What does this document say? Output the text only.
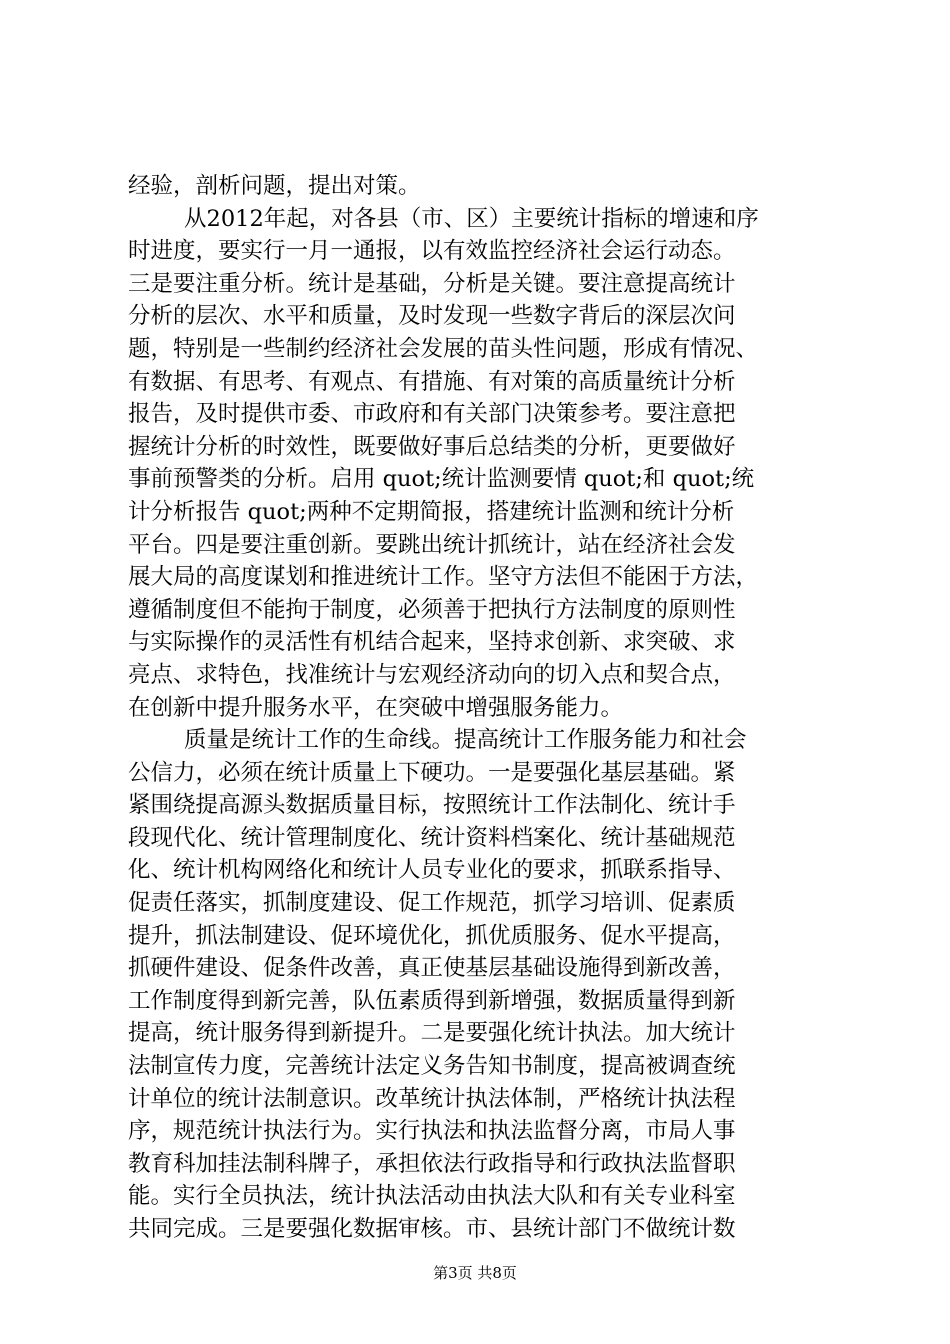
经验，剖析问题，提出对策。
从2012年起，对各县（市、区）主要统计指标的增速和序
时进度，要实行一月一通报，以有效监控经济社会运行动态。
三是要注重分析。统计是基础，分析是关键。要注意提高统计
分析的层次、水平和质量，及时发现一些数字背后的深层次问
题，特别是一些制约经济社会发展的苗头性问题，形成有情况、
有数据、有思考、有观点、有措施、有对策的高质量统计分析
报告，及时提供市委、市政府和有关部门决策参考。要注意把
握统计分析的时效性，既要做好事后总结类的分析，更要做好
事前预警类的分析。启用 quot;统计监测要情 quot;和 quot;统
计分析报告 quot;两种不定期简报，搭建统计监测和统计分析
平台。四是要注重创新。要跳出统计抓统计，站在经济社会发
展大局的高度谋划和推进统计工作。坚守方法但不能困于方法，
遵循制度但不能拘于制度，必须善于把执行方法制度的原则性
与实际操作的灵活性有机结合起来，坚持求创新、求突破、求
亮点、求特色，找准统计与宏观经济动向的切入点和契合点，
在创新中提升服务水平，在突破中增强服务能力。
质量是统计工作的生命线。提高统计工作服务能力和社会
公信力，必须在统计质量上下硬功。一是要强化基层基础。紧
紧围绕提高源头数据质量目标，按照统计工作法制化、统计手
段现代化、统计管理制度化、统计资料档案化、统计基础规范
化、统计机构网络化和统计人员专业化的要求，抓联系指导、
促责任落实，抓制度建设、促工作规范，抓学习培训、促素质
提升，抓法制建设、促环境优化，抓优质服务、促水平提高，
抓硬件建设、促条件改善，真正使基层基础设施得到新改善，
工作制度得到新完善，队伍素质得到新增强，数据质量得到新
提高，统计服务得到新提升。二是要强化统计执法。加大统计
法制宣传力度，完善统计法定义务告知书制度，提高被调查统
计单位的统计法制意识。改革统计执法体制，严格统计执法程
序，规范统计执法行为。实行执法和执法监督分离，市局人事
教育科加挂法制科牌子，承担依法行政指导和行政执法监督职
能。实行全员执法，统计执法活动由执法大队和有关专业科室
共同完成。三是要强化数据审核。市、县统计部门不做统计数
第3页 共8页
